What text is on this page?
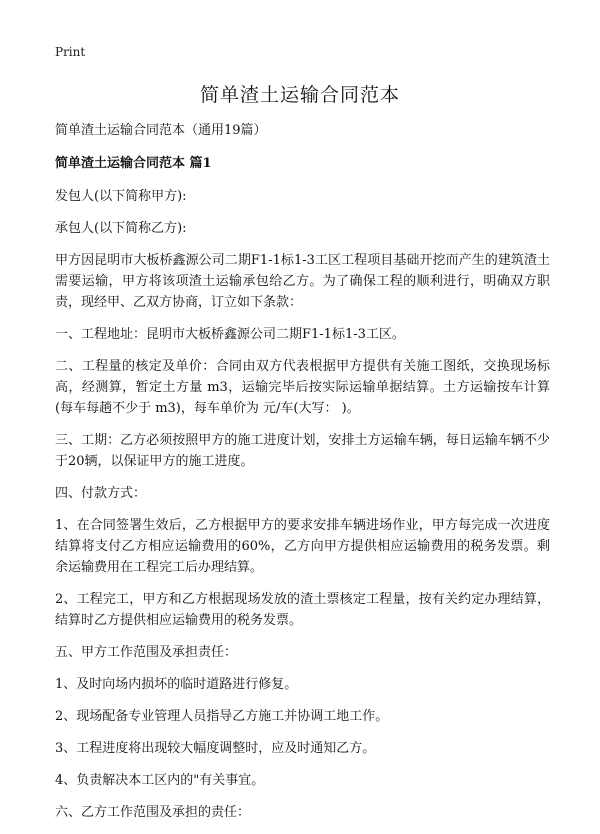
Print
简单渣土运输合同范本

简单渣土运输合同范本（通用19篇）

简单渣土运输合同范本 篇1

发包人(以下简称甲方):

承包人(以下简称乙方):

甲方因昆明市大板桥鑫源公司二期F1-1标1-3工区工程项目基础开挖而产生的建筑渣土需要运输，甲方将该项渣土运输承包给乙方。为了确保工程的顺利进行，明确双方职责，现经甲、乙双方协商，订立如下条款：

一、工程地址：昆明市大板桥鑫源公司二期F1-1标1-3工区。

二、工程量的核定及单价：合同由双方代表根据甲方提供有关施工图纸，交换现场标高，经测算，暂定土方量 m3，运输完毕后按实际运输单据结算。土方运输按车计算(每车每趟不少于 m3)，每车单价为 元/车(大写： )。

三、工期：乙方必须按照甲方的施工进度计划，安排土方运输车辆，每日运输车辆不少于20辆，以保证甲方的施工进度。

四、付款方式：

1、在合同签署生效后，乙方根据甲方的要求安排车辆进场作业，甲方每完成一次进度结算将支付乙方相应运输费用的60%，乙方向甲方提供相应运输费用的税务发票。剩余运输费用在工程完工后办理结算。

2、工程完工，甲方和乙方根据现场发放的渣土票核定工程量，按有关约定办理结算，结算时乙方提供相应运输费用的税务发票。

五、甲方工作范围及承担责任：

1、及时向场内损坏的临时道路进行修复。

2、现场配备专业管理人员指导乙方施工并协调工地工作。

3、工程进度将出现较大幅度调整时，应及时通知乙方。

4、负责解决本工区内的"有关事宜。

六、乙方工作范围及承担的责任：
